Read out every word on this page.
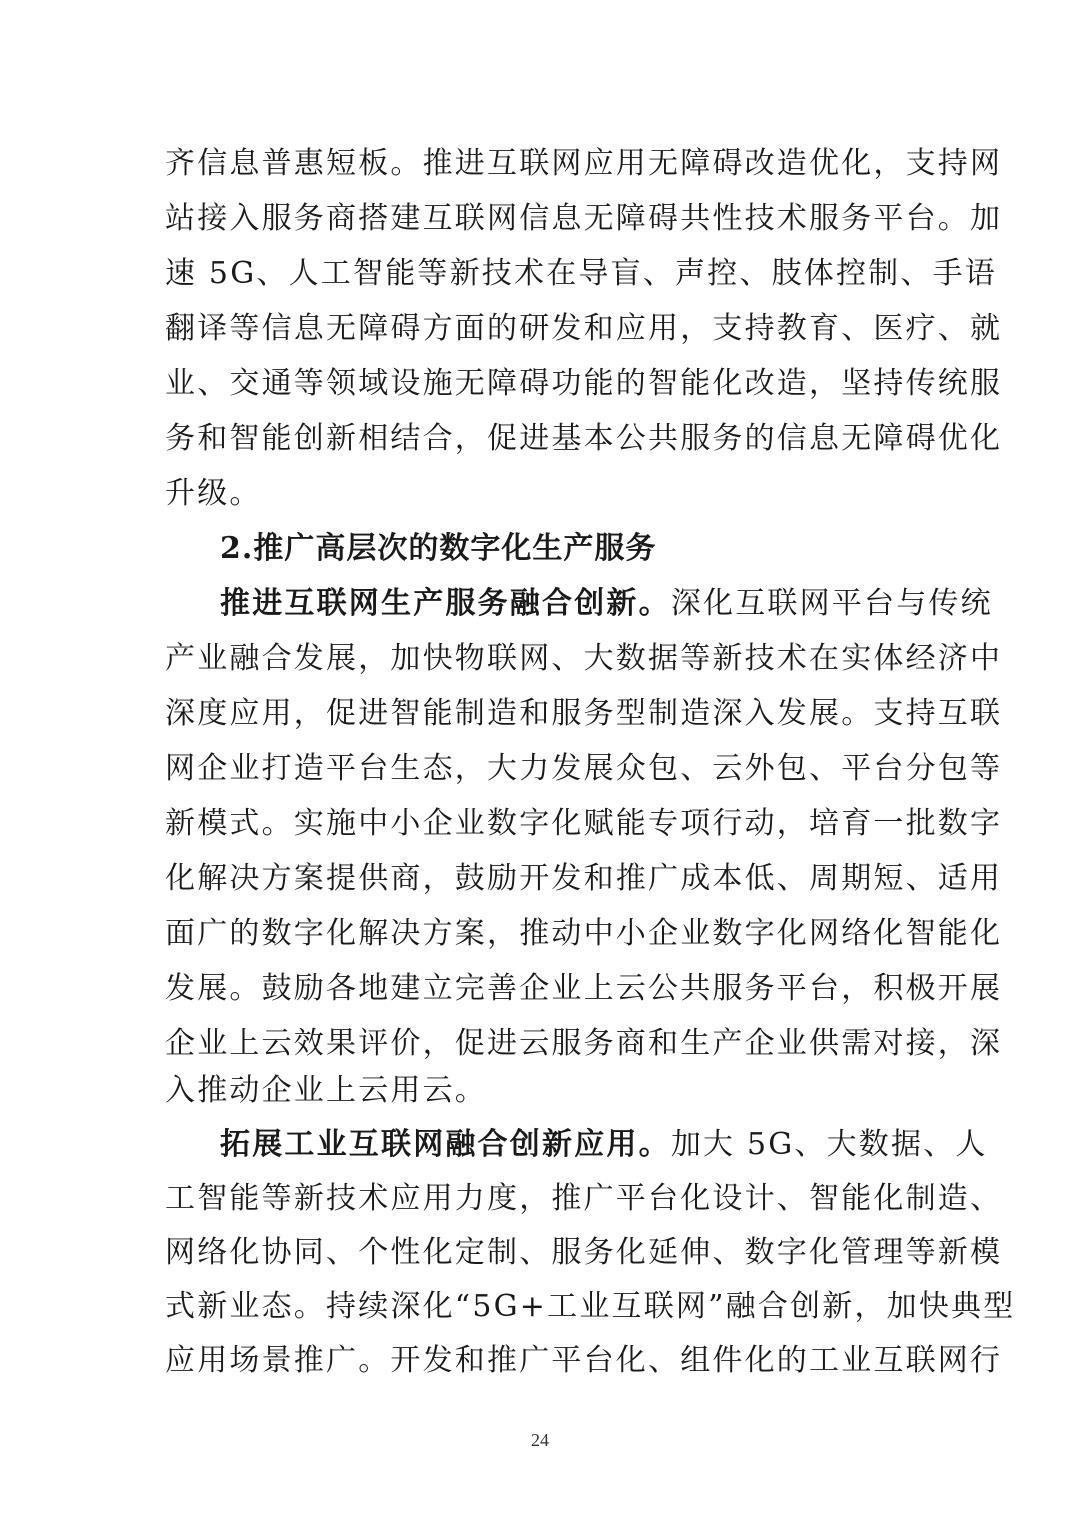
齐信息普惠短板。推进互联网应用无障碍改造优化，支持网
站接入服务商搭建互联网信息无障碍共性技术服务平台。加
速 5G、人工智能等新技术在导盲、声控、肢体控制、手语
翻译等信息无障碍方面的研发和应用，支持教育、医疗、就
业、交通等领域设施无障碍功能的智能化改造，坚持传统服
务和智能创新相结合，促进基本公共服务的信息无障碍优化
升级。
2.推广高层次的数字化生产服务
推进互联网生产服务融合创新。深化互联网平台与传统
产业融合发展，加快物联网、大数据等新技术在实体经济中
深度应用，促进智能制造和服务型制造深入发展。支持互联
网企业打造平台生态，大力发展众包、云外包、平台分包等
新模式。实施中小企业数字化赋能专项行动，培育一批数字
化解决方案提供商，鼓励开发和推广成本低、周期短、适用
面广的数字化解决方案，推动中小企业数字化网络化智能化
发展。鼓励各地建立完善企业上云公共服务平台，积极开展
企业上云效果评价，促进云服务商和生产企业供需对接，深
入推动企业上云用云。
拓展工业互联网融合创新应用。加大 5G、大数据、人
工智能等新技术应用力度，推广平台化设计、智能化制造、
网络化协同、个性化定制、服务化延伸、数字化管理等新模
式新业态。持续深化“5G+工业互联网”融合创新，加快典型
应用场景推广。开发和推广平台化、组件化的工业互联网行
24
